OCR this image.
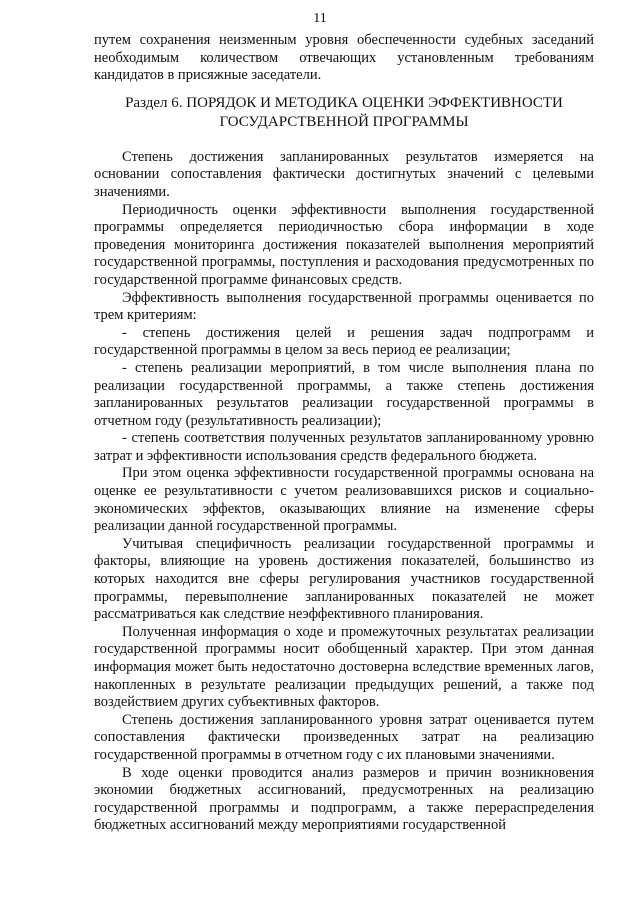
11

путем сохранения неизменным уровня обеспеченности судебных заседаний необходимым количеством отвечающих установленным требованиям кандидатов в присяжные заседатели.

Раздел 6. ПОРЯДОК И МЕТОДИКА ОЦЕНКИ ЭФФЕКТИВНОСТИ ГОСУДАРСТВЕННОЙ ПРОГРАММЫ

Степень достижения запланированных результатов измеряется на основании сопоставления фактически достигнутых значений с целевыми значениями.

Периодичность оценки эффективности выполнения государственной программы определяется периодичностью сбора информации в ходе проведения мониторинга достижения показателей выполнения мероприятий государственной программы, поступления и расходования предусмотренных по государственной программе финансовых средств.

Эффективность выполнения государственной программы оценивается по трем критериям:

- степень достижения целей и решения задач подпрограмм и государственной программы в целом за весь период ее реализации;

- степень реализации мероприятий, в том числе выполнения плана по реализации государственной программы, а также степень достижения запланированных результатов реализации государственной программы в отчетном году (результативность реализации);

- степень соответствия полученных результатов запланированному уровню затрат и эффективности использования средств федерального бюджета.

При этом оценка эффективности государственной программы основана на оценке ее результативности с учетом реализовавшихся рисков и социально-экономических эффектов, оказывающих влияние на изменение сферы реализации данной государственной программы.

Учитывая специфичность реализации государственной программы и факторы, влияющие на уровень достижения показателей, большинство из которых находится вне сферы регулирования участников государственной программы, перевыполнение запланированных показателей не может рассматриваться как следствие неэффективного планирования.

Полученная информация о ходе и промежуточных результатах реализации государственной программы носит обобщенный характер. При этом данная информация может быть недостаточно достоверна вследствие временных лагов, накопленных в результате реализации предыдущих решений, а также под воздействием других субъективных факторов.

Степень достижения запланированного уровня затрат оценивается путем сопоставления фактически произведенных затрат на реализацию государственной программы в отчетном году с их плановыми значениями.

В ходе оценки проводится анализ размеров и причин возникновения экономии бюджетных ассигнований, предусмотренных на реализацию государственной программы и подпрограмм, а также перераспределения бюджетных ассигнований между мероприятиями государственной
